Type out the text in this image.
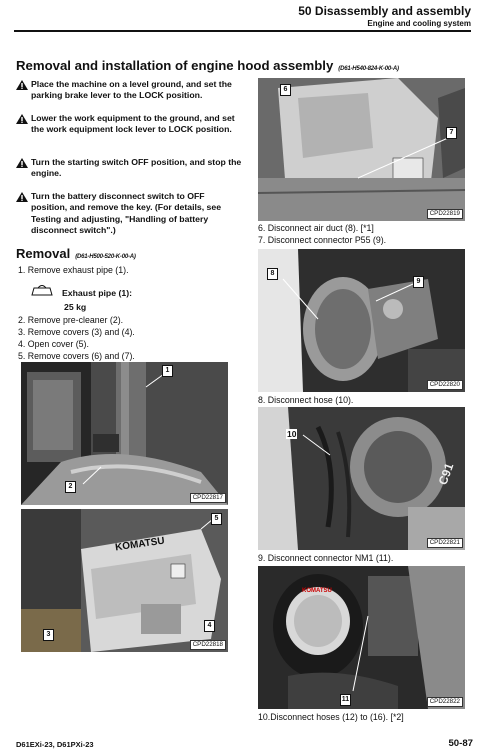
50 Disassembly and assembly
Engine and cooling system
Removal and installation of engine hood assembly (D61-H540-824-K-00-A)
Place the machine on a level ground, and set the parking brake lever to the LOCK position.
Lower the work equipment to the ground, and set the work equipment lock lever to LOCK position.
Turn the starting switch OFF position, and stop the engine.
Turn the battery disconnect switch to OFF position, and remove the key. (For details, see Testing and adjusting, "Handling of battery disconnect switch".)
Removal (D61-H500-520-K-00-A)
1. Remove exhaust pipe (1).
Exhaust pipe (1):
25 kg
2. Remove pre-cleaner (2).
3. Remove covers (3) and (4).
4. Open cover (5).
5. Remove covers (6) and (7).
1
2
CPD22817
KOMATSU
5
3
4
CPD22818
6
7
CPD22819
6. Disconnect air duct (8). [*1]
7. Disconnect connector P55 (9).
8
9
CPD22820
8. Disconnect hose (10).
C91
10
CPD22821
9. Disconnect connector NM1 (11).
KOMATSU
11	CPD22822
10.Disconnect hoses (12) to (16). [*2]
D61EXi-23, D61PXi-23	50-87
